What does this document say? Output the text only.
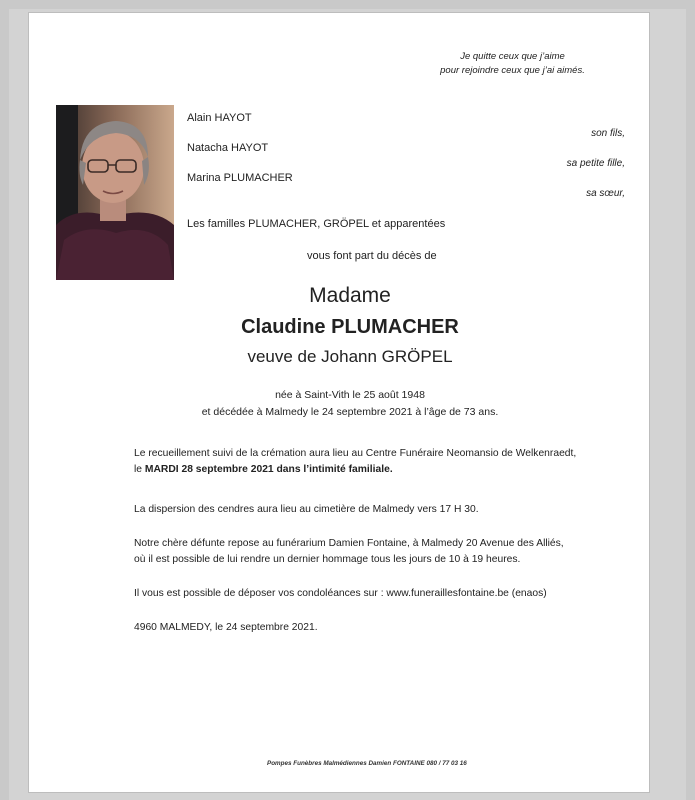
Je quitte ceux que j’aime
pour rejoindre ceux que j’ai aimés.
Alain HAYOT
son fils,
Natacha HAYOT
sa petite fille,
Marina PLUMACHER
sa sœur,
Les familles PLUMACHER, GRÖPEL et apparentées
vous font part du décès de
Madame
Claudine PLUMACHER
veuve de Johann GRÖPEL
née à Saint-Vith le 25 août 1948
et décédée à Malmedy le 24 septembre 2021 à l’âge de 73 ans.
Le recueillement suivi de la crémation aura lieu au Centre Funéraire Neomansio de Welkenraedt,
le MARDI 28 septembre 2021 dans l’intimité familiale.
La dispersion des cendres aura lieu au cimetière de Malmedy vers 17 H 30.
Notre chère défunte repose au funérarium Damien Fontaine, à Malmedy 20 Avenue des Alliés,
où il est possible de lui rendre un dernier hommage tous les jours de 10 à 19 heures.
Il vous est possible de déposer vos condoléances sur : www.funeraillesfontaine.be (enaos)
4960 MALMEDY, le 24 septembre 2021.
Pompes Funèbres Malmédiennes Damien FONTAINE 080 / 77 03 16
